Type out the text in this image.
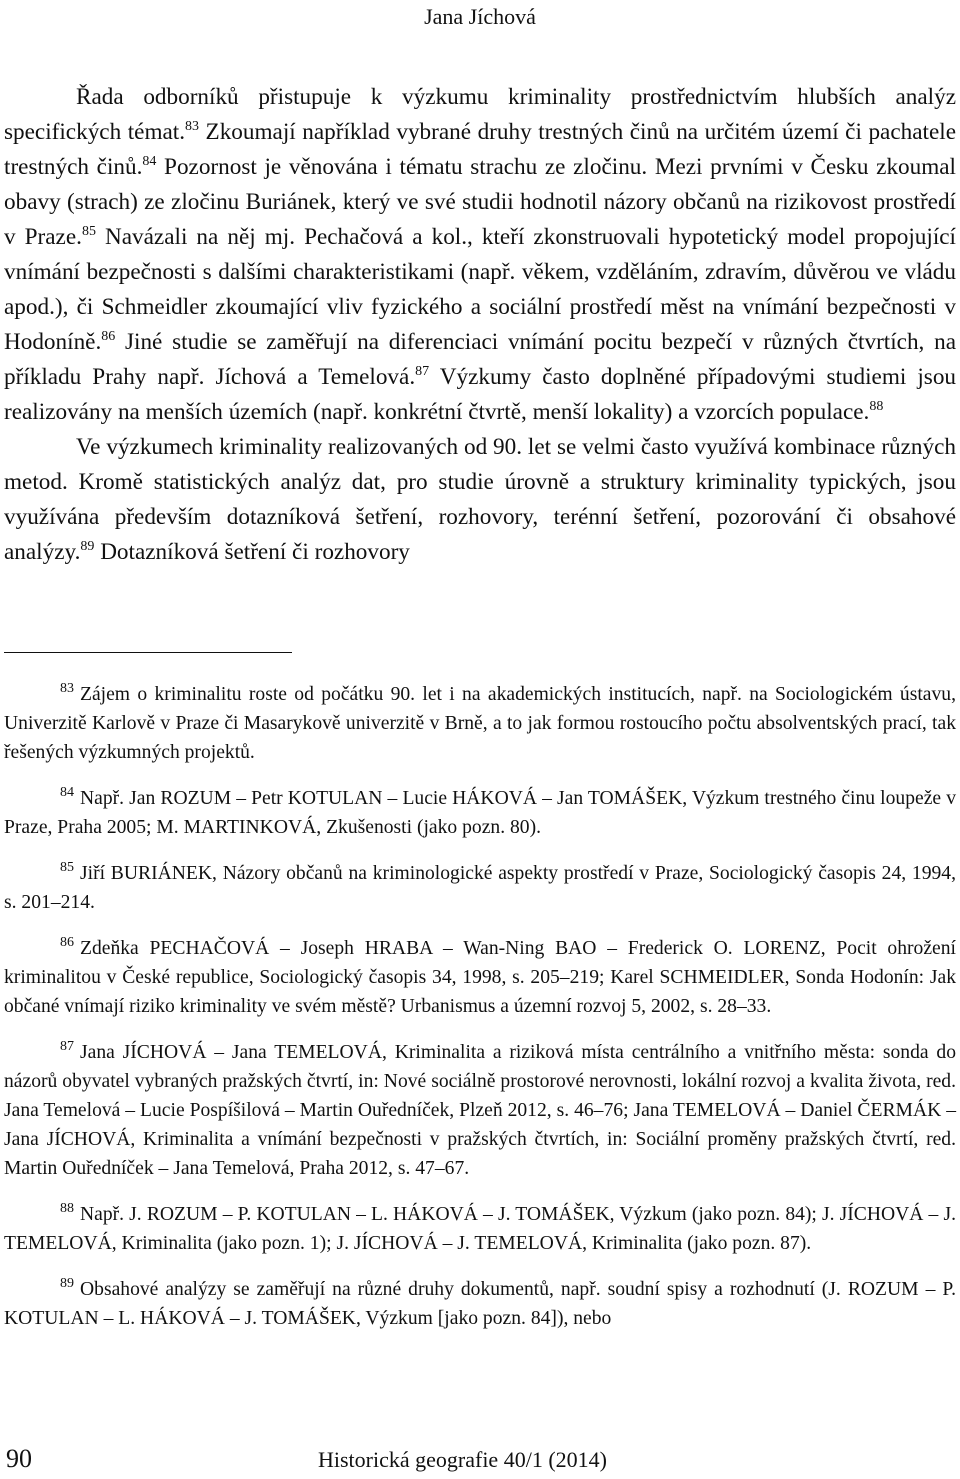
Jana Jíchová

Řada odborníků přistupuje k výzkumu kriminality prostřednictvím hlubších analýz specifických témat.$^{83}$ Zkoumají například vybrané druhy trestných činů na určitém území či pachatele trestných činů.$^{84}$ Pozornost je věnována i tématu strachu ze zločinu. Mezi prvními v Česku zkoumal obavy (strach) ze zločinu Buriánek, který ve své studii hodnotil názory občanů na rizikovost prostředí v Praze.$^{85}$ Navázali na něj mj. Pechačová a kol., kteří zkonstruovali hypotetický model propojující vnímání bezpečnosti s dalšími charakteristikami (např. věkem, vzděláním, zdravím, důvěrou ve vládu apod.), či Schmeidler zkoumající vliv fyzického a sociální prostředí měst na vnímání bezpečnosti v Hodoníně.$^{86}$ Jiné studie se zaměřují na diferenciaci vnímání pocitu bezpečí v různých čtvrtích, na příkladu Prahy např. Jíchová a Temelová.$^{87}$ Výzkumy často doplněné případovými studiemi jsou realizovány na menších územích (např. konkrétní čtvrtě, menší lokality) a vzorcích populace.$^{88}$

Ve výzkumech kriminality realizovaných od 90. let se velmi často využívá kombinace různých metod. Kromě statistických analýz dat, pro studie úrovně a struktury kriminality typických, jsou využívána především dotazníková šetření, rozhovory, terénní šetření, pozorování či obsahové analýzy.$^{89}$ Dotazníková šetření či rozhovory

$^{83}$ Zájem o kriminalitu roste od počátku 90. let i na akademických institucích, např. na Sociologickém ústavu, Univerzitě Karlově v Praze či Masarykově univerzitě v Brně, a to jak formou rostoucího počtu absolventských prací, tak řešených výzkumných projektů.

$^{84}$ Např. Jan ROZUM – Petr KOTULAN – Lucie HÁKOVÁ – Jan TOMÁŠEK, Výzkum trestného činu loupeže v Praze, Praha 2005; M. MARTINKOVÁ, Zkušenosti (jako pozn. 80).

$^{85}$ Jiří BURIÁNEK, Názory občanů na kriminologické aspekty prostředí v Praze, Sociologický časopis 24, 1994, s. 201–214.

$^{86}$ Zdeňka PECHAČOVÁ – Joseph HRABA – Wan-Ning BAO – Frederick O. LORENZ, Pocit ohrožení kriminalitou v České republice, Sociologický časopis 34, 1998, s. 205–219; Karel SCHMEIDLER, Sonda Hodonín: Jak občané vnímají riziko kriminality ve svém městě? Urbanismus a územní rozvoj 5, 2002, s. 28–33.

$^{87}$ Jana JÍCHOVÁ – Jana TEMELOVÁ, Kriminalita a riziková místa centrálního a vnitřního města: sonda do názorů obyvatel vybraných pražských čtvrtí, in: Nové sociálně prostorové nerovnosti, lokální rozvoj a kvalita života, red. Jana Temelová – Lucie Pospíšilová – Martin Ouředníček, Plzeň 2012, s. 46–76; Jana TEMELOVÁ – Daniel ČERMÁK – Jana JÍCHOVÁ, Kriminalita a vnímání bezpečnosti v pražských čtvrtích, in: Sociální proměny pražských čtvrtí, red. Martin Ouředníček – Jana Temelová, Praha 2012, s. 47–67.

$^{88}$ Např. J. ROZUM – P. KOTULAN – L. HÁKOVÁ – J. TOMÁŠEK, Výzkum (jako pozn. 84); J. JÍCHOVÁ – J. TEMELOVÁ, Kriminalita (jako pozn. 1); J. JÍCHOVÁ – J. TEMELOVÁ, Kriminalita (jako pozn. 87).

$^{89}$ Obsahové analýzy se zaměřují na různé druhy dokumentů, např. soudní spisy a rozhodnutí (J. ROZUM – P. KOTULAN – L. HÁKOVÁ – J. TOMÁŠEK, Výzkum [jako pozn. 84]), nebo

90	Historická geografie 40/1 (2014)
